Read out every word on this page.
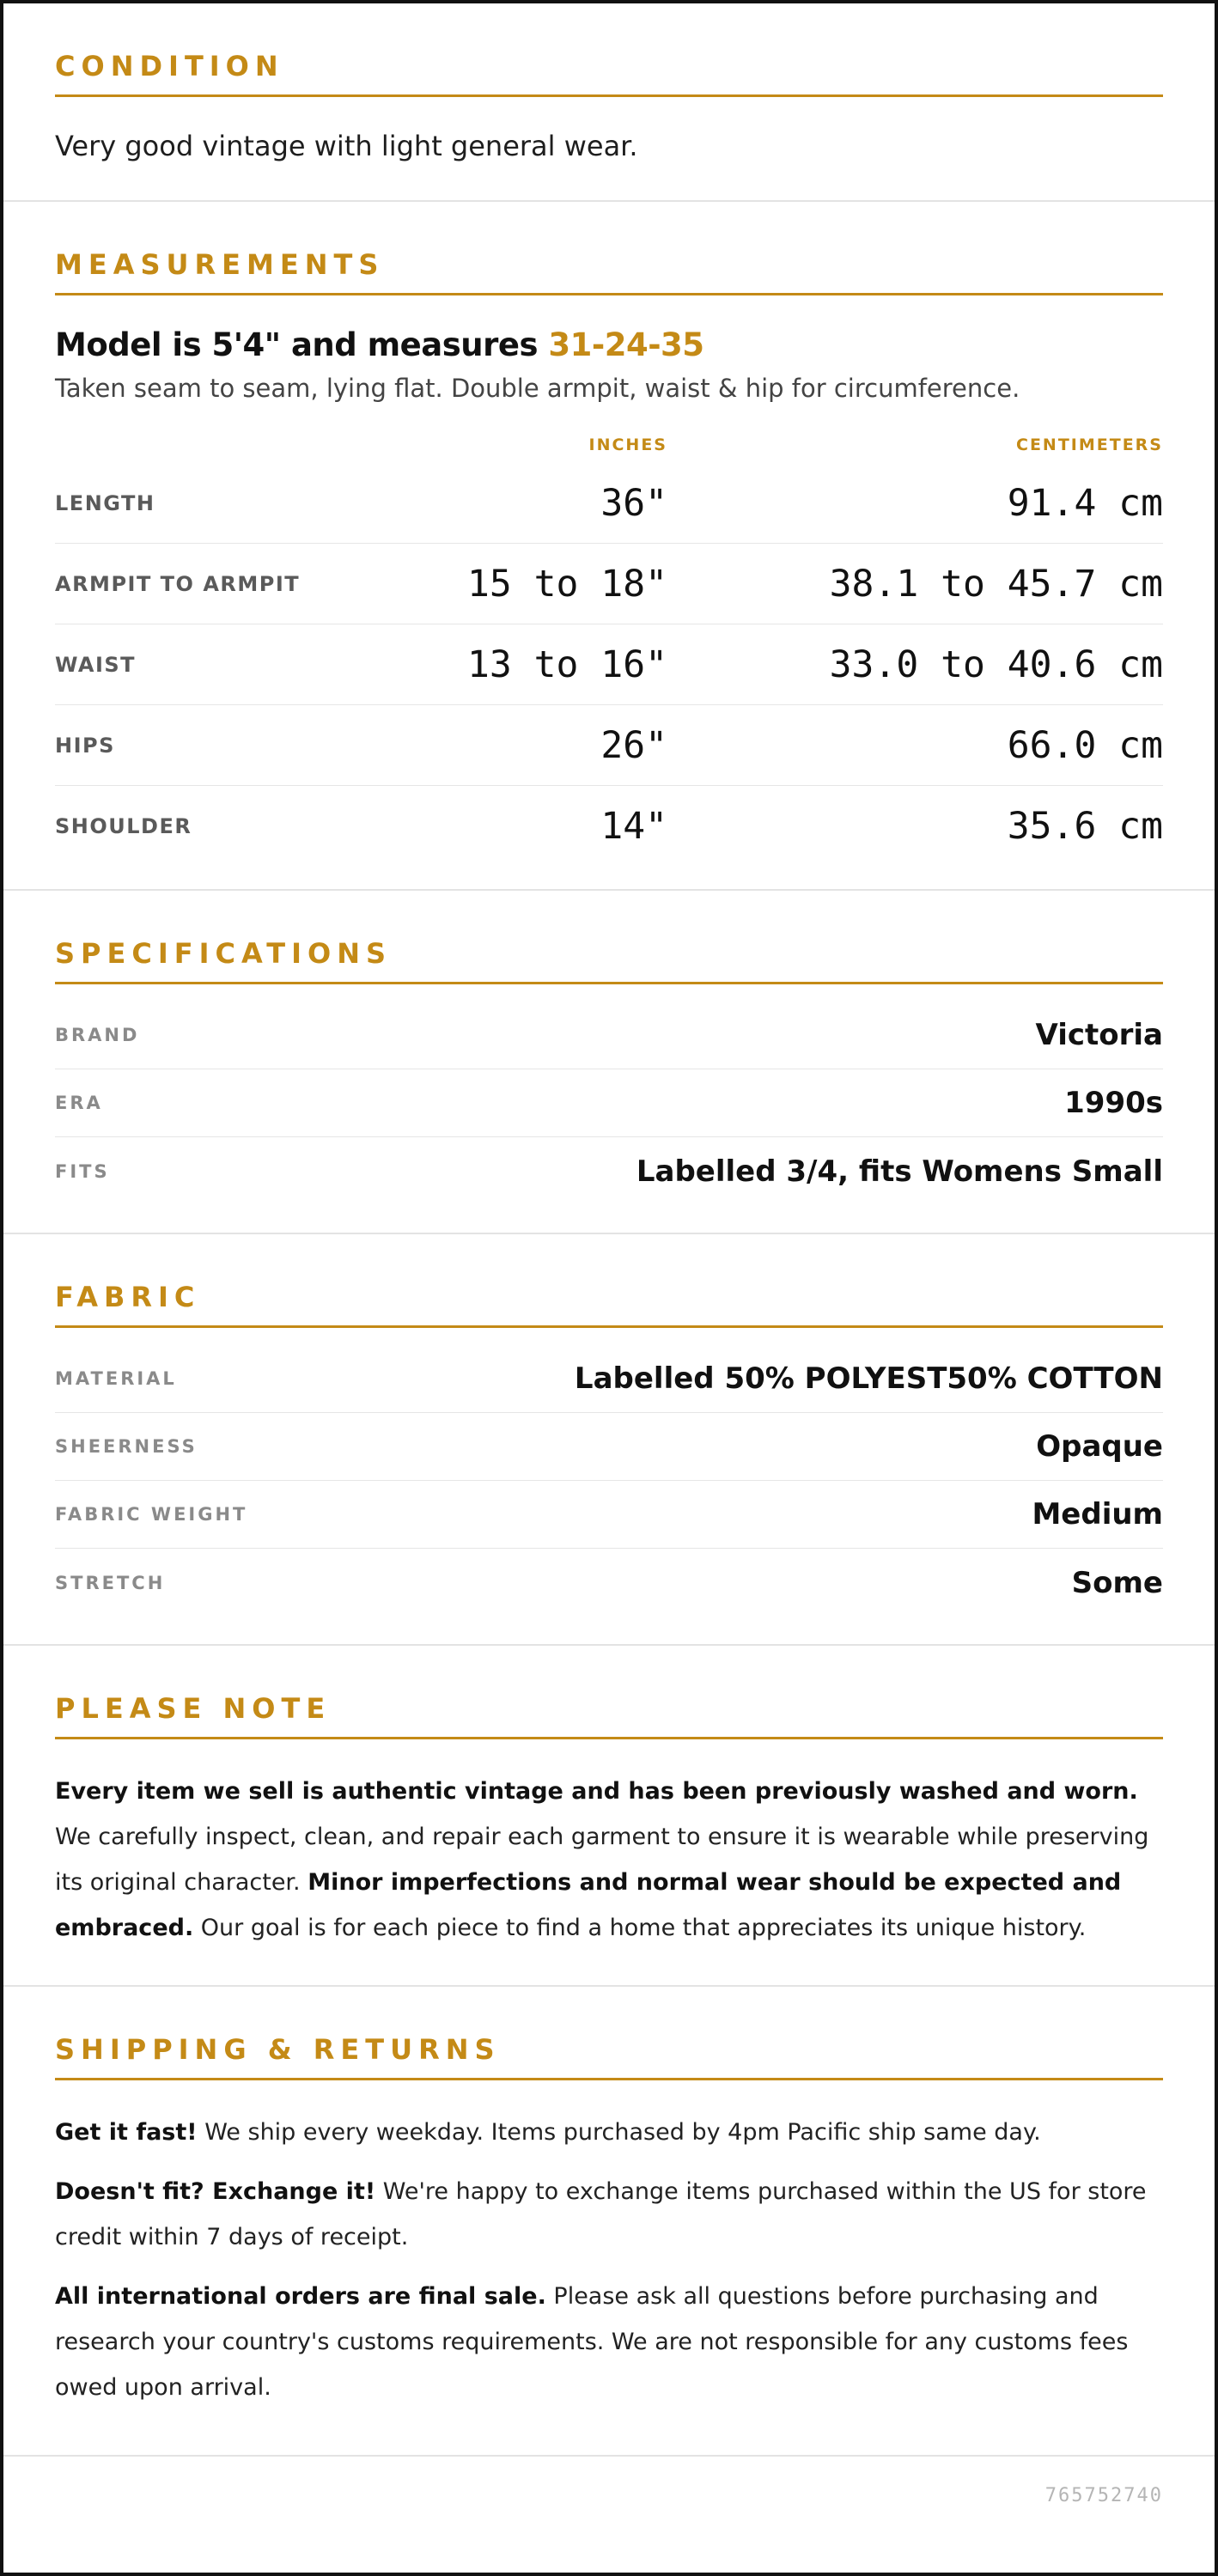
CONDITION
Very good vintage with light general wear.
MEASUREMENTS
Model is 5'4" and measures 31-24-35
Taken seam to seam, lying flat. Double armpit, waist & hip for circumference.
INCHES	CENTIMETERS
LENGTH	36"	91.4 cm
ARMPIT TO ARMPIT	15 to 18"	38.1 to 45.7 cm
WAIST	13 to 16"	33.0 to 40.6 cm
HIPS	26"	66.0 cm
SHOULDER	14"	35.6 cm
SPECIFICATIONS
BRAND	Victoria
ERA	1990s
FITS	Labelled 3/4, fits Womens Small
FABRIC
MATERIAL	Labelled 50% POLYEST50% COTTON
SHEERNESS	Opaque
FABRIC WEIGHT	Medium
STRETCH	Some
PLEASE NOTE

Every item we sell is authentic vintage and has been previously washed and worn. We carefully inspect, clean, and repair each garment to ensure it is wearable while preserving its original character. Minor imperfections and normal wear should be expected and embraced. Our goal is for each piece to find a home that appreciates its unique history.

SHIPPING & RETURNS

Get it fast! We ship every weekday. Items purchased by 4pm Pacific ship same day.

Doesn't fit? Exchange it! We're happy to exchange items purchased within the US for store credit within 7 days of receipt.

All international orders are final sale. Please ask all questions before purchasing and research your country's customs requirements. We are not responsible for any customs fees owed upon arrival.

765752740
